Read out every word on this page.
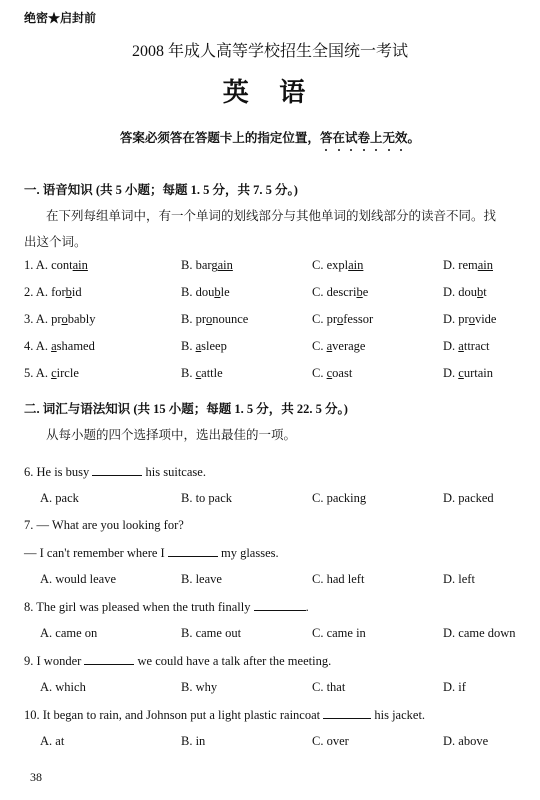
绝密★启封前
2008 年成人高等学校招生全国统一考试
英 语
答案必须答在答题卡上的指定位置，答在试卷上无效。
一. 语音知识 (共 5 小题；每题 1. 5 分，共 7. 5 分。)
在下列每组单词中，有一个单词的划线部分与其他单词的划线部分的读音不同。找
出这个词。
1. A. contain	B. bargain	C. explain	D. remain
2. A. forbid	B. double	C. describe	D. doubt
3. A. probably	B. pronounce	C. professor	D. provide
4. A. ashamed	B. asleep	C. average	D. attract
5. A. circle	B. cattle	C. coast	D. curtain
二. 词汇与语法知识 (共 15 小题；每题 1. 5 分，共 22. 5 分。)
从每小题的四个选择项中，选出最佳的一项。
6. He is busy	his suitcase.
A. pack	B. to pack	C. packing	D. packed
7. — What are you looking for?
— I can't remember where I	my glasses.
A. would leave	B. leave	C. had left	D. left
8. The girl was pleased when the truth finally	.
A. came on	B. came out	C. came in	D. came down
9. I wonder	we could have a talk after the meeting.
A. which	B. why	C. that	D. if
10. It began to rain, and Johnson put a light plastic raincoat	his jacket.
A. at	B. in	C. over	D. above
38
